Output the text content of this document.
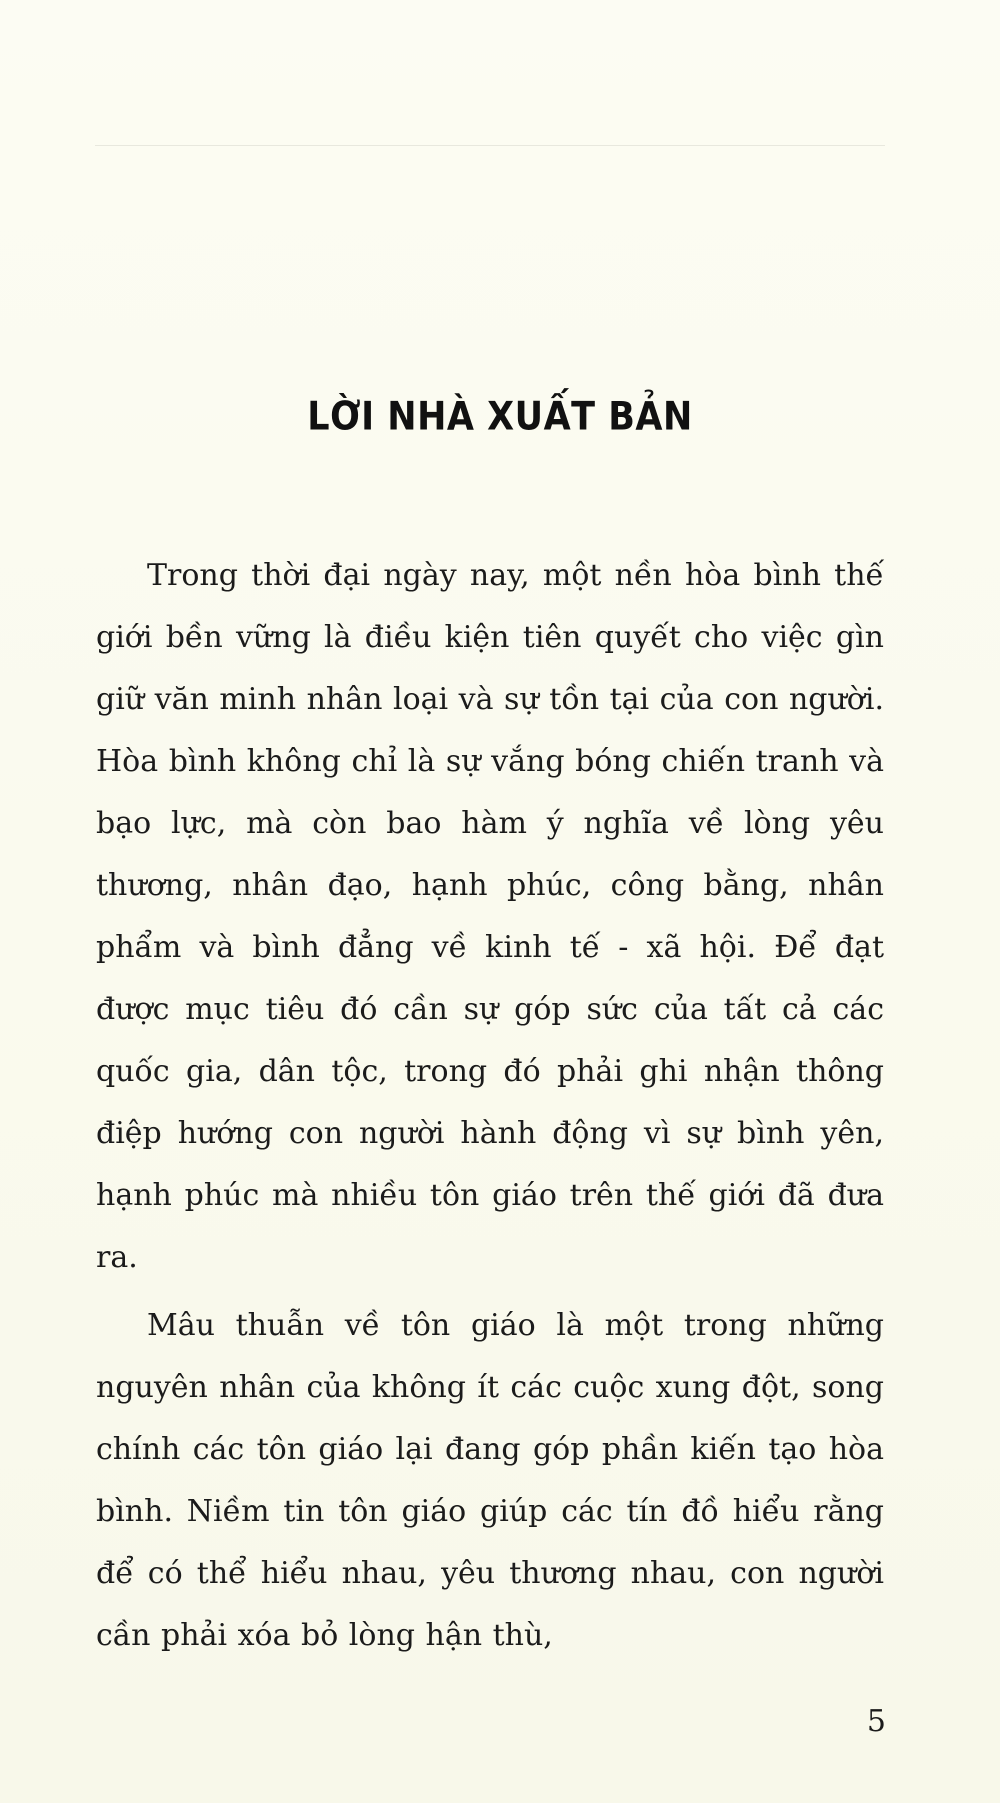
LỜI NHÀ XUẤT BẢN

Trong thời đại ngày nay, một nền hòa bình thế giới bền vững là điều kiện tiên quyết cho việc gìn giữ văn minh nhân loại và sự tồn tại của con người. Hòa bình không chỉ là sự vắng bóng chiến tranh và bạo lực, mà còn bao hàm ý nghĩa về lòng yêu thương, nhân đạo, hạnh phúc, công bằng, nhân phẩm và bình đẳng về kinh tế - xã hội. Để đạt được mục tiêu đó cần sự góp sức của tất cả các quốc gia, dân tộc, trong đó phải ghi nhận thông điệp hướng con người hành động vì sự bình yên, hạnh phúc mà nhiều tôn giáo trên thế giới đã đưa ra.

Mâu thuẫn về tôn giáo là một trong những nguyên nhân của không ít các cuộc xung đột, song chính các tôn giáo lại đang góp phần kiến tạo hòa bình. Niềm tin tôn giáo giúp các tín đồ hiểu rằng để có thể hiểu nhau, yêu thương nhau, con người cần phải xóa bỏ lòng hận thù,

5
